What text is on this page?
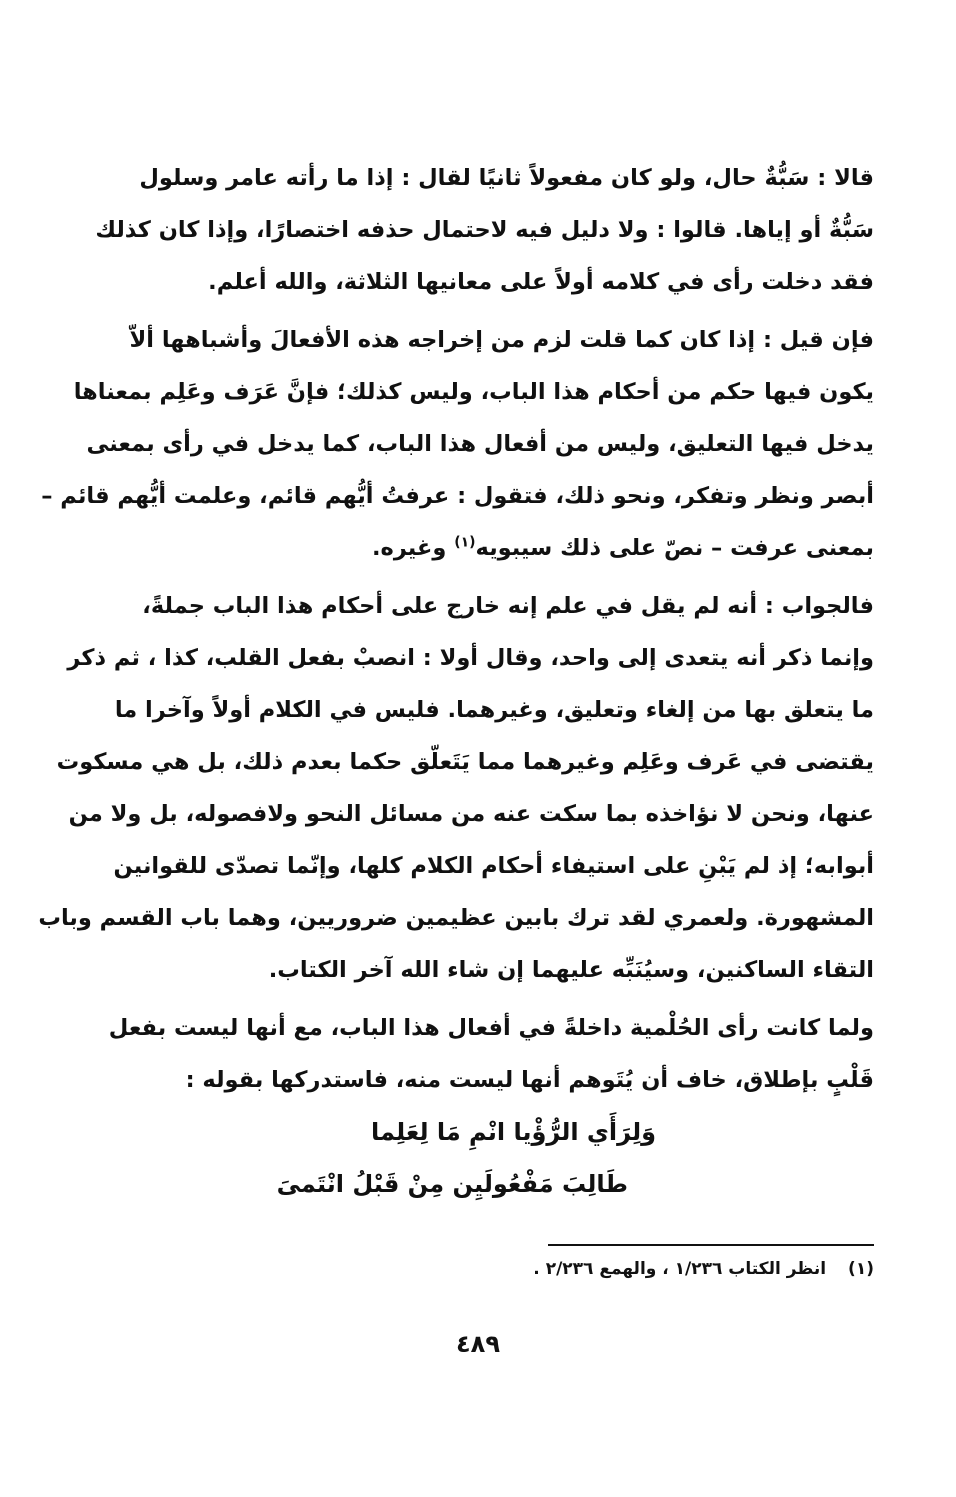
قالا : سَبُّةٌ حال، ولو كان مفعولاً ثانيًا لقال : إذا ما رأته عامر وسلول
سَبُّةٌ أو إياها. قالوا : ولا دليل فيه لاحتمال حذفه اختصارًا، وإذا كان كذلك
فقد دخلت رأى في كلامه أولاً على معانيها الثلاثة، والله أعلم.
فإن قيل : إذا كان كما قلت لزم من إخراجه هذه الأفعالَ وأشباهها ألاّ
يكون فيها حكم من أحكام هذا الباب، وليس كذلك؛ فإنَّ عَرَف وعَلِم بمعناها
يدخل فيها التعليق، وليس من أفعال هذا الباب، كما يدخل في رأى بمعنى
أبصر ونظر وتفكر، ونحو ذلك، فتقول : عرفتُ أيُّهم قائم، وعلمت أيُّهم قائم –
بمعنى عرفت – نصّ على ذلك سيبويه$^{(١)}$ وغيره.
فالجواب : أنه لم يقل في علم إنه خارج على أحكام هذا الباب جملةً،
وإنما ذكر أنه يتعدى إلى واحد، وقال أولا : انصبْ بفعل القلب، كذا ، ثم ذكر
ما يتعلق بها من إلغاء وتعليق، وغيرهما. فليس في الكلام أولاً وآخرا ما
يقتضى في عَرف وعَلِم وغيرهما مما يَتَعلّق حكما بعدم ذلك، بل هي مسكوت
عنها، ونحن لا نؤاخذه بما سكت عنه من مسائل النحو ولافصوله، بل ولا من
أبوابه؛ إذ لم يَبْنِ على استيفاء أحكام الكلام كلها، وإنّما تصدّى للقوانين
المشهورة. ولعمري لقد ترك بابين عظيمين ضروريين، وهما باب القسم وباب
التقاء الساكنين، وسيُنَبِّه عليهما إن شاء الله آخر الكتاب.
ولما كانت رأى الحُلْمية داخلةً في أفعال هذا الباب، مع أنها ليست بفعل
قَلْبٍ بإطلاق، خاف أن يُتَوهم أنها ليست منه، فاستدركها بقوله :
وَلِرَأَي الرُّؤْيا انْمِ مَا لِعَلِما
طَالِبَ مَفْعُولَيِن مِنْ قَبْلُ انْتَمىَ
(١)انظر الكتاب ١/٢٣٦ ، والهمع ٢/٢٣٦ .
٤٨٩
